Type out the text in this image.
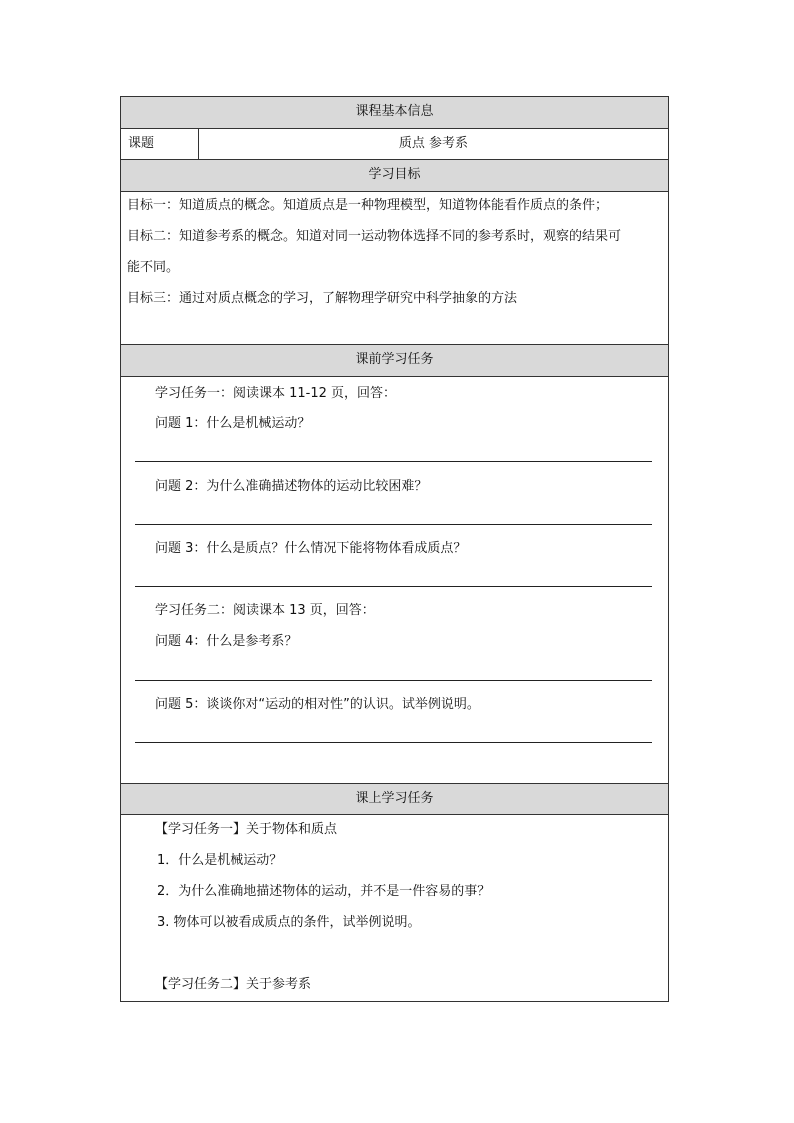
课程基本信息
课题	质点 参考系
学习目标
目标一：知道质点的概念。知道质点是一种物理模型，知道物体能看作质点的条件；
目标二：知道参考系的概念。知道对同一运动物体选择不同的参考系时，观察的结果可
能不同。
目标三：通过对质点概念的学习，了解物理学研究中科学抽象的方法
课前学习任务
学习任务一：阅读课本 11-12 页，回答：
问题 1：什么是机械运动？
问题 2：为什么准确描述物体的运动比较困难？
问题 3：什么是质点？什么情况下能将物体看成质点？
学习任务二：阅读课本 13 页，回答：
问题 4：什么是参考系？
问题 5：谈谈你对“运动的相对性”的认识。试举例说明。
课上学习任务
【学习任务一】关于物体和质点
1．什么是机械运动？
2．为什么准确地描述物体的运动，并不是一件容易的事？
3. 物体可以被看成质点的条件，试举例说明。
【学习任务二】关于参考系
